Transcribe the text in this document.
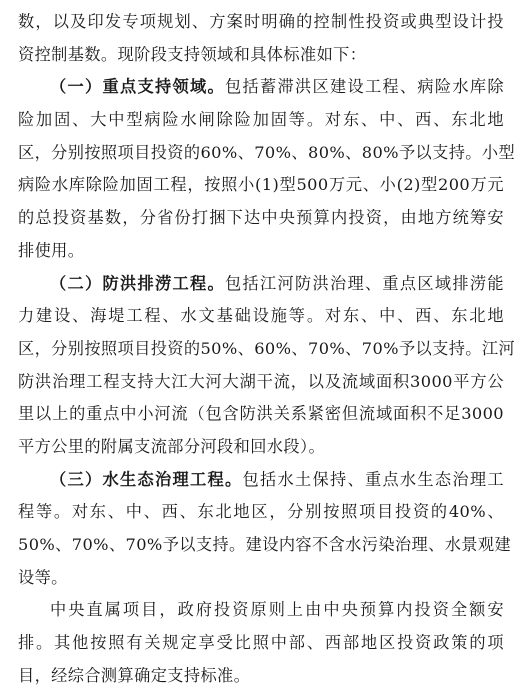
数，以及印发专项规划、方案时明确的控制性投资或典型设计投
资控制基数。现阶段支持领域和具体标准如下：
（一）重点支持领域。包括蓄滞洪区建设工程、病险水库除
险加固、大中型病险水闸除险加固等。对东、中、西、东北地
区，分别按照项目投资的60%、70%、80%、80%予以支持。小型
病险水库除险加固工程，按照小(1)型500万元、小(2)型200万元
的总投资基数，分省份打捆下达中央预算内投资，由地方统筹安
排使用。
（二）防洪排涝工程。包括江河防洪治理、重点区域排涝能
力建设、海堤工程、水文基础设施等。对东、中、西、东北地
区，分别按照项目投资的50%、60%、70%、70%予以支持。江河
防洪治理工程支持大江大河大湖干流，以及流域面积3000平方公
里以上的重点中小河流（包含防洪关系紧密但流域面积不足3000
平方公里的附属支流部分河段和回水段）。
（三）水生态治理工程。包括水土保持、重点水生态治理工
程等。对东、中、西、东北地区，分别按照项目投资的40%、
50%、70%、70%予以支持。建设内容不含水污染治理、水景观建
设等。
中央直属项目，政府投资原则上由中央预算内投资全额安
排。其他按照有关规定享受比照中部、西部地区投资政策的项
目，经综合测算确定支持标准。
